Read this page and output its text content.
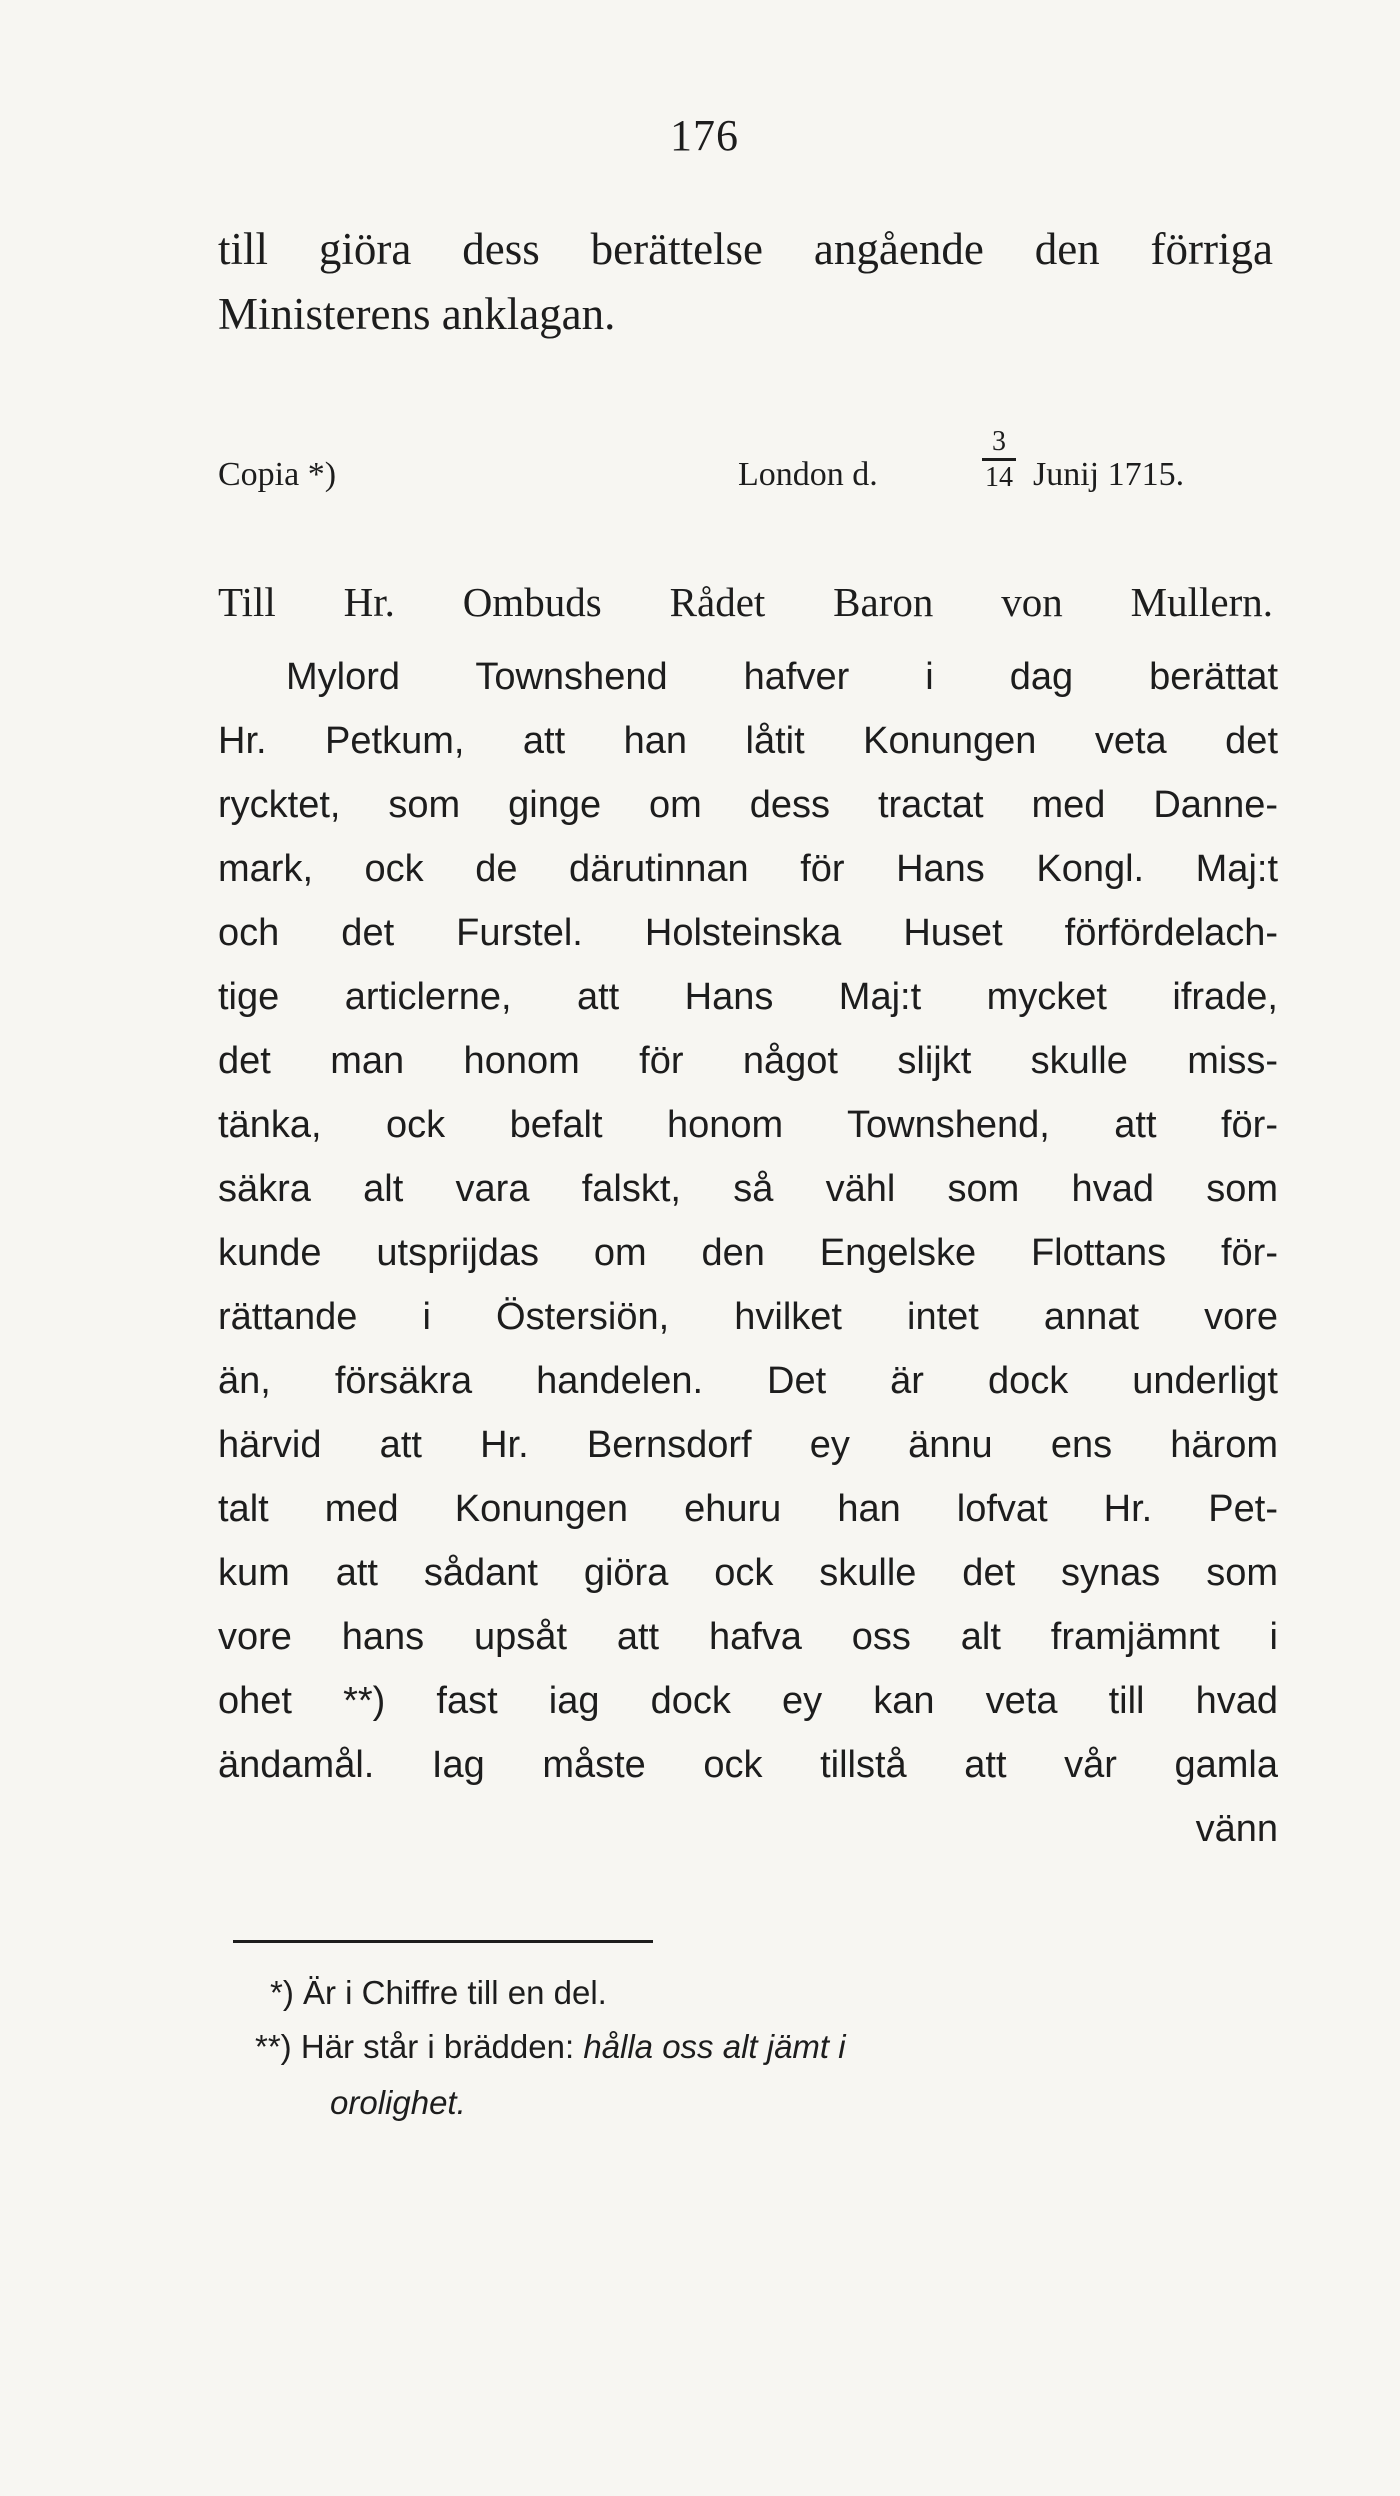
176
till giöra dess berättelse angående den förriga
Ministerens anklagan.
Copia *)	London d.
3
14 Junij 1715.
Till Hr. Ombuds Rådet Baron von Mullern.
Mylord Townshend hafver i dag berättat
Hr. Petkum, att han låtit Konungen veta det
rycktet, som ginge om dess tractat med Danne-
mark, ock de därutinnan för Hans Kongl. Maj:t
och det Furstel. Holsteinska Huset förfördelach-
tige articlerne, att Hans Maj:t mycket ifrade,
det man honom för något slijkt skulle miss-
tänka, ock befalt honom Townshend, att för-
säkra alt vara falskt, så vähl som hvad som
kunde utsprijdas om den Engelske Flottans för-
rättande i Östersiön, hvilket intet annat vore
än, försäkra handelen. Det är dock underligt
härvid att Hr. Bernsdorf ey ännu ens härom
talt med Konungen ehuru han lofvat Hr. Pet-
kum att sådant giöra ock skulle det synas som
vore hans upsåt att hafva oss alt framjämnt i
ohet **) fast iag dock ey kan veta till hvad
ändamål. Iag måste ock tillstå att vår gamla
vänn
*) Är i Chiffre till en del.
**) Här står i brädden: hålla oss alt jämt i
orolighet.
